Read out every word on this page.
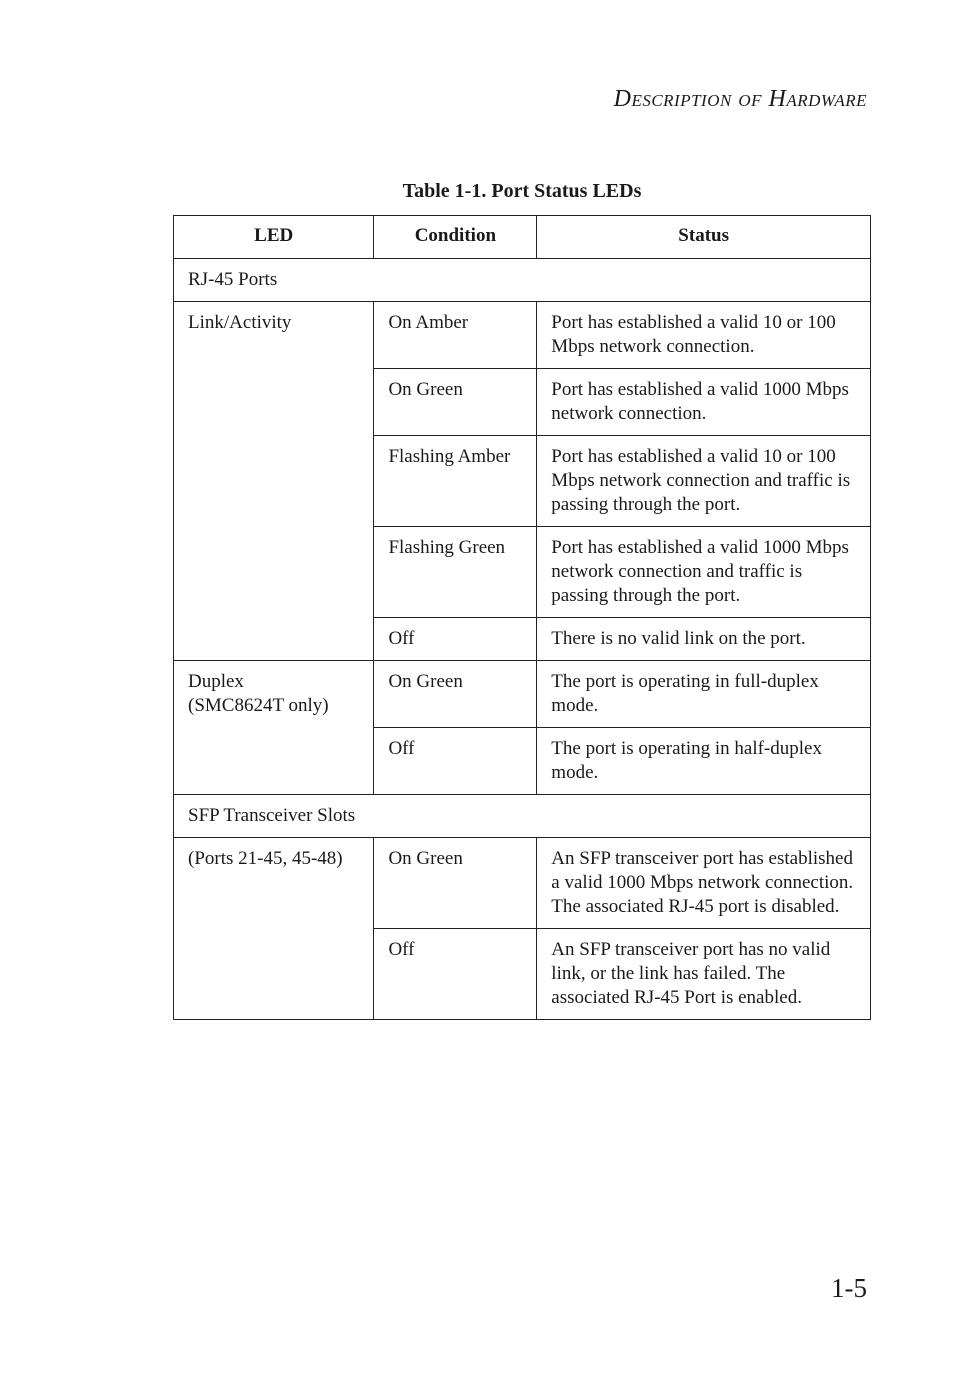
Description of Hardware

Table 1-1. Port Status LEDs

LED	Condition	Status
RJ-45 Ports		
Link/Activity	On Amber	Port has established a valid 10 or 100 Mbps network connection.
	On Green	Port has established a valid 1000 Mbps network connection.
	Flashing Amber	Port has established a valid 10 or 100 Mbps network connection and traffic is passing through the port.
	Flashing Green	Port has established a valid 1000 Mbps network connection and traffic is passing through the port.
	Off	There is no valid link on the port.
Duplex
(SMC8624T only)	On Green	The port is operating in full-duplex mode.
	Off	The port is operating in half-duplex mode.
SFP Transceiver Slots		
(Ports 21-45, 45-48)	On Green	An SFP transceiver port has established a valid 1000 Mbps network connection. The associated RJ-45 port is disabled.
	Off	An SFP transceiver port has no valid link, or the link has failed. The associated RJ-45 Port is enabled.

1-5
